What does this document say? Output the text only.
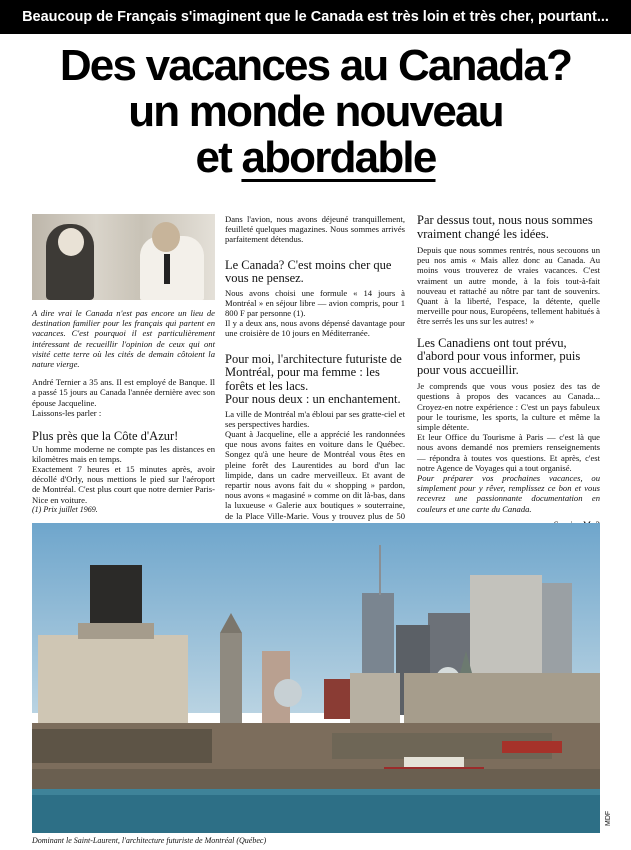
Beaucoup de Français s'imaginent que le Canada est très loin et très cher, pourtant...
Des vacances au Canada?
un monde nouveau
et abordable

A dire vrai le Canada n'est pas encore un lieu de destination familier pour les français qui partent en vacances. C'est pourquoi il est particulièrement intéressant de recueillir l'opinion de ceux qui ont visité cette terre où les cités de demain côtoient la nature vierge.

André Ternier a 35 ans. Il est employé de Banque. Il a passé 15 jours au Canada l'année dernière avec son épouse Jacqueline.

Laissons-les parler :

Plus près que la Côte d'Azur!

Un homme moderne ne compte pas les distances en kilomètres mais en temps.

Exactement 7 heures et 15 minutes après, avoir décollé d'Orly, nous mettions le pied sur l'aéroport de Montréal. C'est plus court que notre dernier Paris-Nice en voiture.

(1) Prix juillet 1969.

Dans l'avion, nous avons déjeuné tranquillement, feuilleté quelques magazines. Nous sommes arrivés parfaitement détendus.

Le Canada? C'est moins cher que vous ne pensez.

Nous avons choisi une formule « 14 jours à Montréal » en séjour libre — avion compris, pour 1 800 F par personne (1).

Il y a deux ans, nous avons dépensé davantage pour une croisière de 10 jours en Méditerranée.

Pour moi, l'architecture futuriste de Montréal, pour ma femme : les forêts et les lacs.

Pour nous deux : un enchantement.

La ville de Montréal m'a ébloui par ses gratte-ciel et ses perspectives hardies.

Quant à Jacqueline, elle a apprécié les randonnées que nous avons faites en voiture dans le Québec. Songez qu'à une heure de Montréal vous êtes en pleine forêt des Laurentides au bord d'un lac limpide, dans un cadre merveilleux. Et avant de repartir nous avons fait du « shopping » pardon, nous avons « magasiné » comme on dit là-bas, dans la luxueuse « Galerie aux boutiques » souterraine, de la Place Ville-Marie. Vous y trouvez plus de 50

Par dessus tout, nous nous sommes vraiment changé les idées.

Depuis que nous sommes rentrés, nous secouons un peu nos amis « Mais allez donc au Canada. Au moins vous trouverez de vraies vacances. C'est vraiment un autre monde, à la fois tout-à-fait nouveau et rattaché au nôtre par tant de souvenirs. Quant à la liberté, l'espace, la détente, quelle merveille pour nous, Européens, tellement habitués à être serrés les uns sur les autres! »

Les Canadiens ont tout prévu, d'abord pour vous informer, puis pour vous accueillir.

Je comprends que vous vous posiez des tas de questions à propos des vacances au Canada... Croyez-en notre expérience : C'est un pays fabuleux pour le tourisme, les sports, la culture et même la simple détente.

Et leur Office du Tourisme à Paris — c'est là que nous avons demandé nos premiers renseignements — répondra à toutes vos questions. Et après, c'est notre Agence de Voyages qui a tout organisé.

Pour préparer vos prochaines vacances, ou simplement pour y rêver, remplissez ce bon et vous recevrez une passionnante documentation en couleurs et une carte du Canada.

Dominant le Saint-Laurent, l'architecture futuriste de Montréal (Québec)
MDF
